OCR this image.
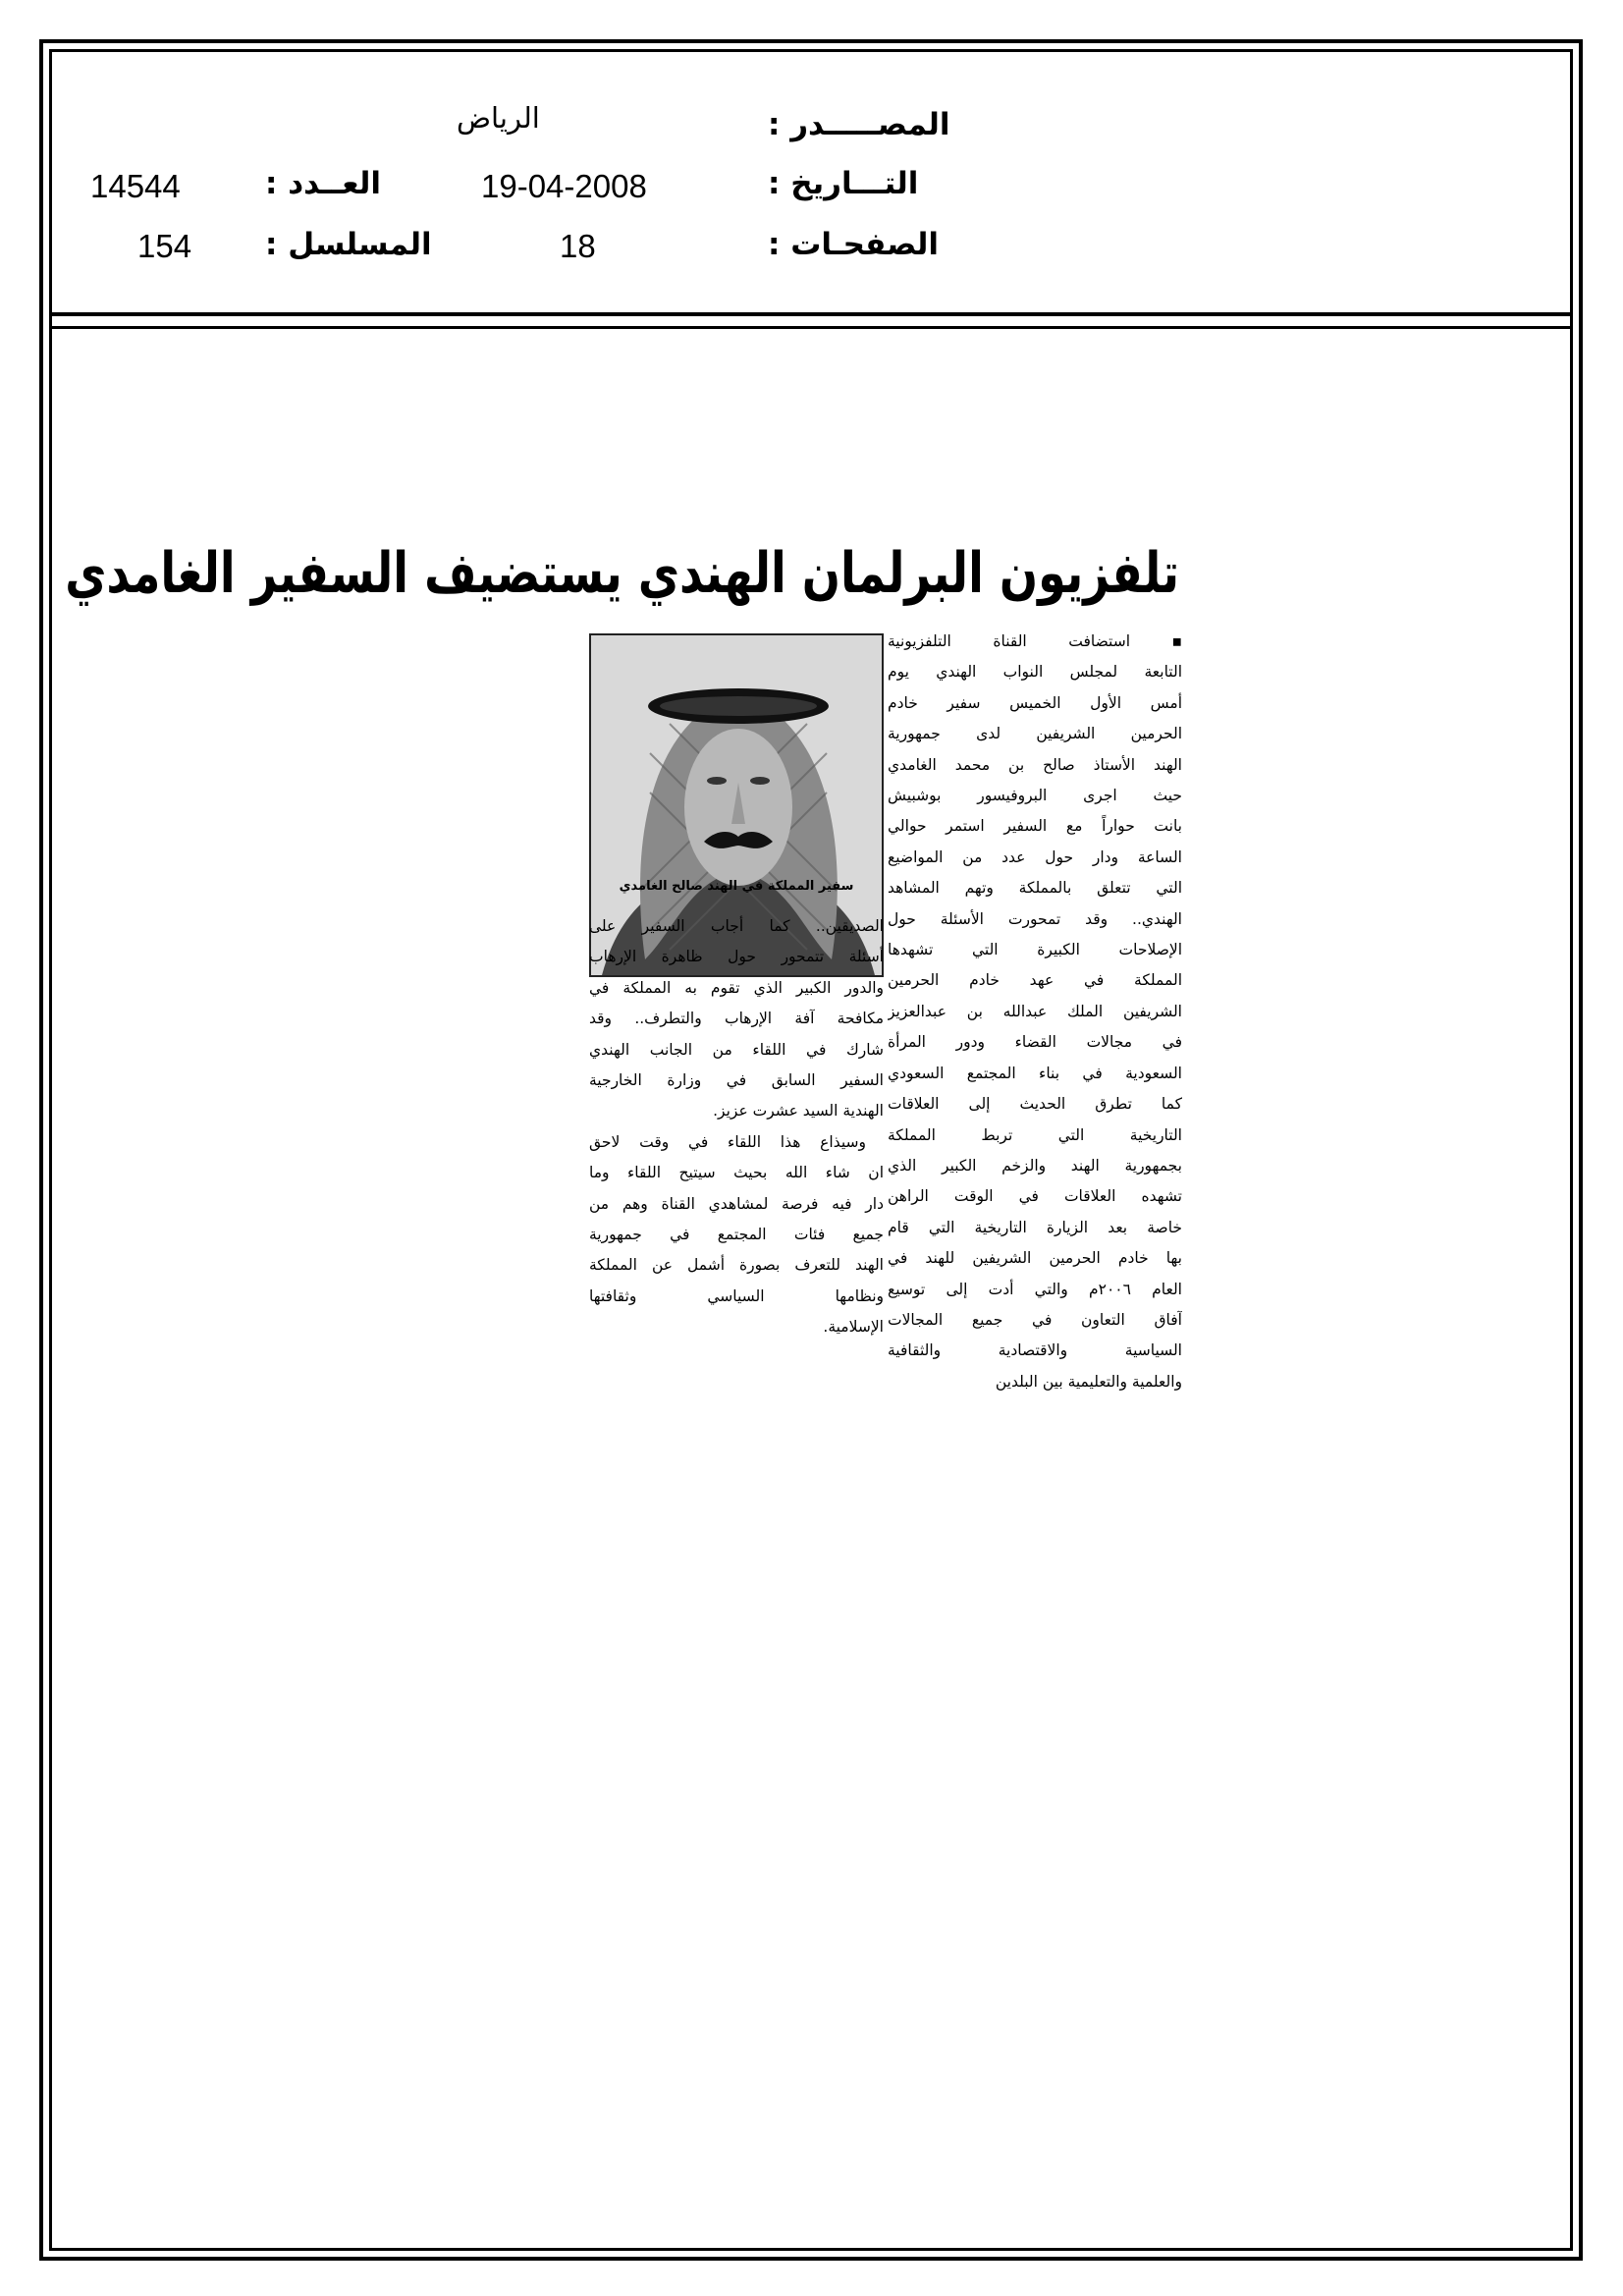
المصـــــدر :
الرياض
التـــاريخ :
19-04-2008
العــدد :
14544
الصفحـات :
18
المسلسل :
154
تلفزيون البرلمان الهندي يستضيف السفير الغامدي
سفير المملكة في الهند صالح الغامدي

▪ استضافت القناة التلفزيونية

التابعة لمجلس النواب الهندي يوم

أمس الأول الخميس سفير خادم

الحرمين الشريفين لدى جمهورية

الهند الأستاذ صالح بن محمد الغامدي

حيث اجرى البروفيسور بوشبيش

بانت حواراً مع السفير استمر حوالي

الساعة ودار حول عدد من المواضيع

التي تتعلق بالمملكة وتهم المشاهد

الهندي.. وقد تمحورت الأسئلة حول

الإصلاحات الكبيرة التي تشهدها

المملكة في عهد خادم الحرمين

الشريفين الملك عبدالله بن عبدالعزيز

في مجالات القضاء ودور المرأة

السعودية في بناء المجتمع السعودي

كما تطرق الحديث إلى العلاقات

التاريخية التي تربط المملكة

بجمهورية الهند والزخم الكبير الذي

تشهده العلاقات في الوقت الراهن

خاصة بعد الزيارة التاريخية التي قام

بها خادم الحرمين الشريفين للهند في

العام ٢٠٠٦م والتي أدت إلى توسيع

آفاق التعاون في جميع المجالات

السياسية والاقتصادية والثقافية

والعلمية والتعليمية بين البلدين

الصديقين.. كما أجاب السفير على

أسئلة تتمحور حول ظاهرة الإرهاب

والدور الكبير الذي تقوم به المملكة في

مكافحة آفة الإرهاب والتطرف.. وقد

شارك في اللقاء من الجانب الهندي

السفير السابق في وزارة الخارجية

الهندية السيد عشرت عزيز.

وسيذاع هذا اللقاء في وقت لاحق

ان شاء الله بحيث سيتيح اللقاء وما

دار فيه فرصة لمشاهدي القناة وهم من

جميع فئات المجتمع في جمهورية

الهند للتعرف بصورة أشمل عن المملكة

ونظامها السياسي وثقافتها

الإسلامية.
